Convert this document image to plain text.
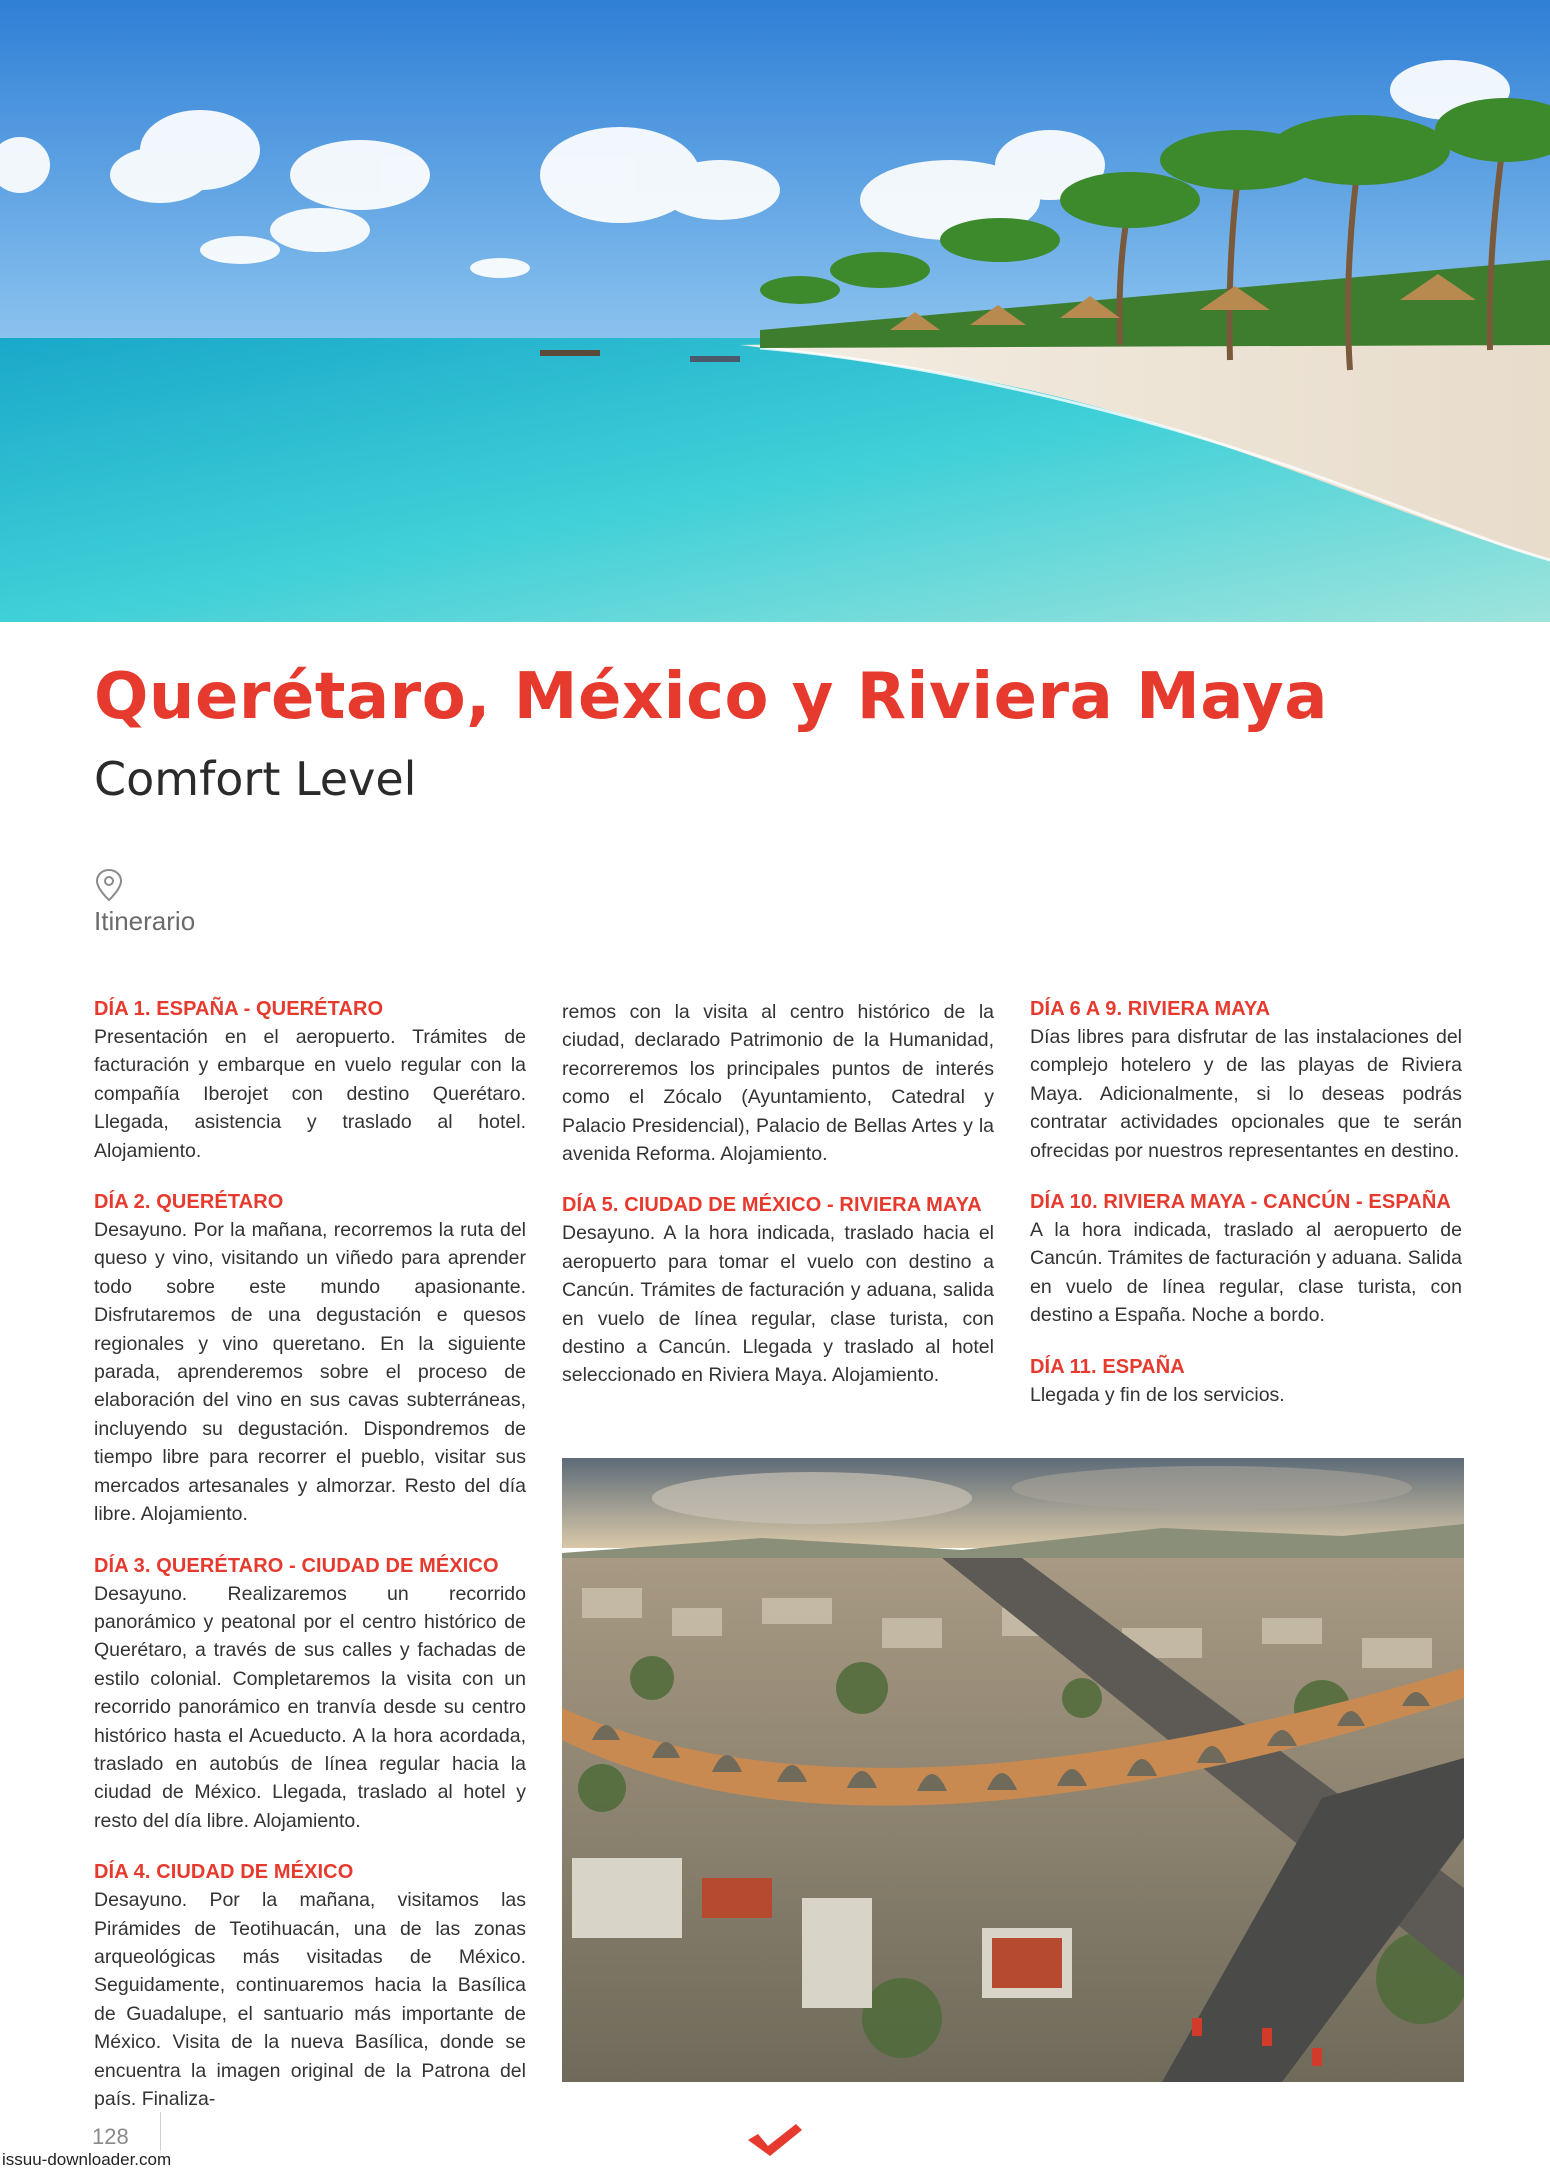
Querétaro, México y Riviera Maya
Comfort Level
Itinerario
DÍA 1. ESPAÑA - QUERÉTARO

Presentación en el aeropuerto. Trámites de facturación y embarque en vuelo regular con la compañía Iberojet con destino Querétaro. Llegada, asistencia y traslado al hotel. Alojamiento.

DÍA 2. QUERÉTARO

Desayuno. Por la mañana, recorremos la ruta del queso y vino, visitando un viñedo para aprender todo sobre este mundo apasionante. Disfrutaremos de una degustación e quesos regionales y vino queretano. En la siguiente parada, aprenderemos sobre el proceso de elaboración del vino en sus cavas subterráneas, incluyendo su degustación. Dispondremos de tiempo libre para recorrer el pueblo, visitar sus mercados artesanales y almorzar. Resto del día libre. Alojamiento.

DÍA 3. QUERÉTARO - CIUDAD DE MÉXICO

Desayuno. Realizaremos un recorrido panorámico y peatonal por el centro histórico de Querétaro, a través de sus calles y fachadas de estilo colonial. Completaremos la visita con un recorrido panorámico en tranvía desde su centro histórico hasta el Acueducto. A la hora acordada, traslado en autobús de línea regular hacia la ciudad de México. Llegada, traslado al hotel y resto del día libre. Alojamiento.

DÍA 4. CIUDAD DE MÉXICO

Desayuno. Por la mañana, visitamos las Pirámides de Teotihuacán, una de las zonas arqueológicas más visitadas de México. Seguidamente, continuaremos hacia la Basílica de Guadalupe, el santuario más importante de México. Visita de la nueva Basílica, donde se encuentra la imagen original de la Patrona del país. Finaliza-

remos con la visita al centro histórico de la ciudad, declarado Patrimonio de la Humanidad, recorreremos los principales puntos de interés como el Zócalo (Ayuntamiento, Catedral y Palacio Presidencial), Palacio de Bellas Artes y la avenida Reforma. Alojamiento.

DÍA 5. CIUDAD DE MÉXICO - RIVIERA MAYA

Desayuno. A la hora indicada, traslado hacia el aeropuerto para tomar el vuelo con destino a Cancún. Trámites de facturación y aduana, salida en vuelo de línea regular, clase turista, con destino a Cancún. Llegada y traslado al hotel seleccionado en Riviera Maya. Alojamiento.

DÍA 6 A 9. RIVIERA MAYA

Días libres para disfrutar de las instalaciones del complejo hotelero y de las playas de Riviera Maya. Adicionalmente, si lo deseas podrás contratar actividades opcionales que te serán ofrecidas por nuestros representantes en destino.

DÍA 10. RIVIERA MAYA - CANCÚN - ESPAÑA

A la hora indicada, traslado al aeropuerto de Cancún. Trámites de facturación y aduana. Salida en vuelo de línea regular, clase turista, con destino a España. Noche a bordo.

DÍA 11. ESPAÑA

Llegada y fin de los servicios.

128
issuu-downloader.com
